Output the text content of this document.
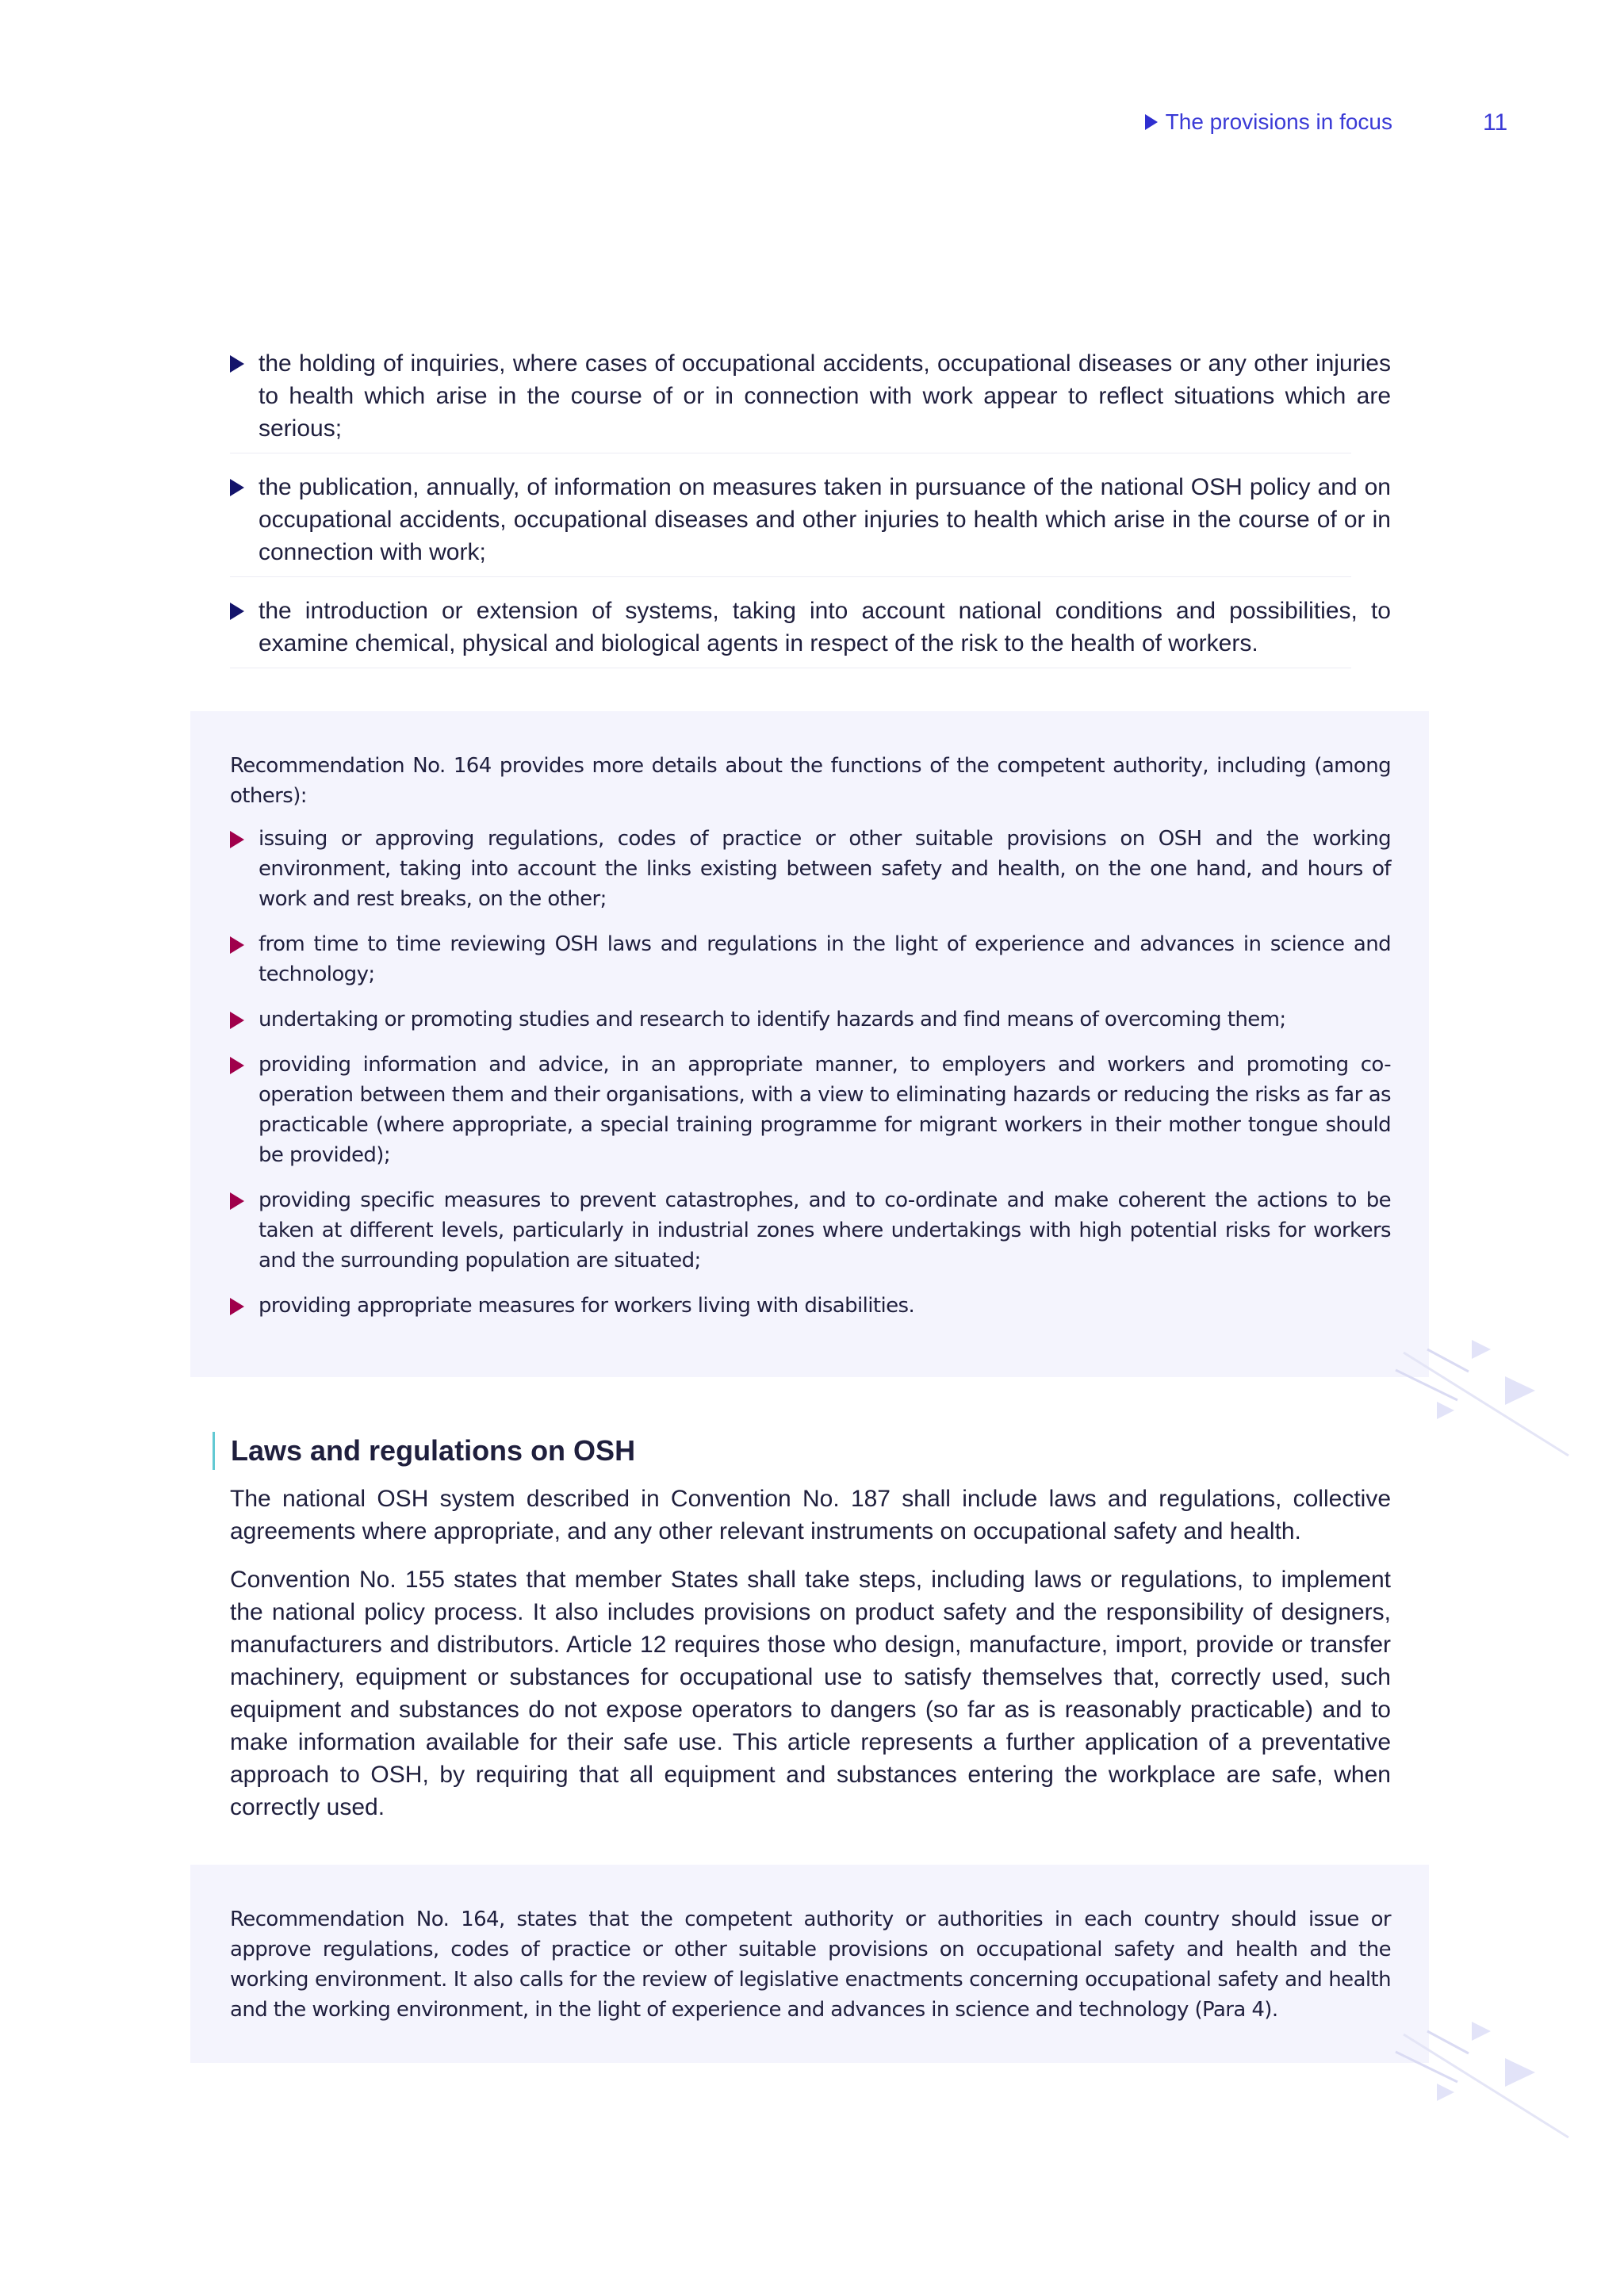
The provisions in focus	11
the holding of inquiries, where cases of occupational accidents, occupational diseases or any other injuries to health which arise in the course of or in connection with work appear to reflect situations which are serious;
the publication, annually, of information on measures taken in pursuance of the national OSH policy and on occupational accidents, occupational diseases and other injuries to health which arise in the course of or in connection with work;
the introduction or extension of systems, taking into account national conditions and possibilities, to examine chemical, physical and biological agents in respect of the risk to the health of workers.

Recommendation No. 164 provides more details about the functions of the competent authority, including (among others):

issuing or approving regulations, codes of practice or other suitable provisions on OSH and the working environment, taking into account the links existing between safety and health, on the one hand, and hours of work and rest breaks, on the other;
from time to time reviewing OSH laws and regulations in the light of experience and advances in science and technology;
undertaking or promoting studies and research to identify hazards and find means of overcoming them;
providing information and advice, in an appropriate manner, to employers and workers and promoting co-operation between them and their organisations, with a view to eliminating hazards or reducing the risks as far as practicable (where appropriate, a special training programme for migrant workers in their mother tongue should be provided);
providing specific measures to prevent catastrophes, and to co-ordinate and make coherent the actions to be taken at different levels, particularly in industrial zones where undertakings with high potential risks for workers and the surrounding population are situated;
providing appropriate measures for workers living with disabilities.
Laws and regulations on OSH

The national OSH system described in Convention No. 187 shall include laws and regulations, collective agreements where appropriate, and any other relevant instruments on occupational safety and health.

Convention No. 155 states that member States shall take steps, including laws or regulations, to implement the national policy process. It also includes provisions on product safety and the responsibility of designers, manufacturers and distributors. Article 12 requires those who design, manufacture, import, provide or transfer machinery, equipment or substances for occupational use to satisfy themselves that, correctly used, such equipment and substances do not expose operators to dangers (so far as is reasonably practicable) and to make information available for their safe use. This article represents a further application of a preventative approach to OSH, by requiring that all equipment and substances entering the workplace are safe, when correctly used.

Recommendation No. 164, states that the competent authority or authorities in each country should issue or approve regulations, codes of practice or other suitable provisions on occupational safety and health and the working environment. It also calls for the review of legislative enactments concerning occupational safety and health and the working environment, in the light of experience and advances in science and technology (Para 4).
